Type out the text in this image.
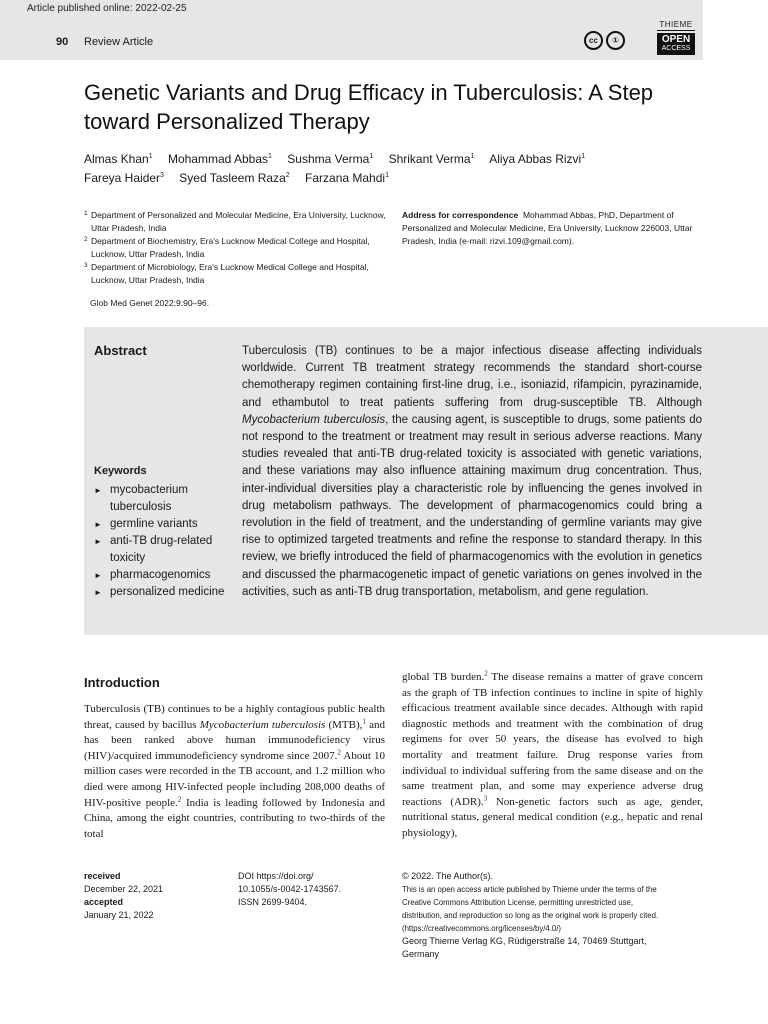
Article published online: 2022-02-25
90 Review Article	cc	①
THIEME
OPEN
ACCESS
Genetic Variants and Drug Efficacy in Tuberculosis: A Step toward Personalized Therapy
Almas Khan$^1$ Mohammad Abbas$^1$ Sushma Verma$^1$ Shrikant Verma$^1$ Aliya Abbas Rizvi$^1$
Fareya Haider$^3$ Syed Tasleem Raza$^2$ Farzana Mahdi$^1$
1 Department of Personalized and Molecular Medicine, Era University, Lucknow, Uttar Pradesh, India
2 Department of Biochemistry, Era's Lucknow Medical College and Hospital, Lucknow, Uttar Pradesh, India
3 Department of Microbiology, Era's Lucknow Medical College and Hospital, Lucknow, Uttar Pradesh, India
Address for correspondence Mohammad Abbas, PhD, Department of Personalized and Molecular Medicine, Era University, Lucknow 226003, Uttar Pradesh, India (e-mail: rizvi.109@gmail.com).
Glob Med Genet 2022;9:90–96.
Abstract
Keywords
► mycobacterium tuberculosis
► germline variants
► anti-TB drug-related toxicity
► pharmacogenomics
► personalized medicine

Tuberculosis (TB) continues to be a major infectious disease affecting individuals worldwide. Current TB treatment strategy recommends the standard short-course chemotherapy regimen containing first-line drug, i.e., isoniazid, rifampicin, pyrazinamide, and ethambutol to treat patients suffering from drug-susceptible TB. Although Mycobacterium tuberculosis, the causing agent, is susceptible to drugs, some patients do not respond to the treatment or treatment may result in serious adverse reactions. Many studies revealed that anti-TB drug-related toxicity is associated with genetic variations, and these variations may also influence attaining maximum drug concentration. Thus, inter-individual diversities play a characteristic role by influencing the genes involved in drug metabolism pathways. The development of pharmacogenomics could bring a revolution in the field of treatment, and the understanding of germline variants may give rise to optimized targeted treatments and refine the response to standard therapy. In this review, we briefly introduced the field of pharmacogenomics with the evolution in genetics and discussed the pharmacogenetic impact of genetic variations on genes involved in the activities, such as anti-TB drug transportation, metabolism, and gene regulation.

Introduction

Tuberculosis (TB) continues to be a highly contagious public health threat, caused by bacillus Mycobacterium tuberculosis (MTB),$^1$ and has been ranked above human immunodeficiency virus (HIV)/acquired immunodeficiency syndrome since 2007.$^2$ About 10 million cases were recorded in the TB account, and 1.2 million who died were among HIV-infected people including 208,000 deaths of HIV-positive people.$^2$ India is leading followed by Indonesia and China, among the eight countries, contributing to two-thirds of the total

global TB burden.$^2$ The disease remains a matter of grave concern as the graph of TB infection continues to incline in spite of highly efficacious treatment available since decades. Although with rapid diagnostic methods and treatment with the combination of drug regimens for over 50 years, the disease has evolved to high mortality and treatment failure. Drug response varies from individual to individual suffering from the same disease and on the same treatment plan, and some may experience adverse drug reactions (ADR).$^3$ Non-genetic factors such as age, gender, nutritional status, general medical condition (e.g., hepatic and renal physiology),

received
December 22, 2021
accepted
January 21, 2022
DOI https://doi.org/
10.1055/s-0042-1743567.
ISSN 2699-9404.
© 2022. The Author(s).
This is an open access article published by Thieme under the terms of the
Creative Commons Attribution License, permitting unrestricted use,
distribution, and reproduction so long as the original work is properly cited.
(https://creativecommons.org/licenses/by/4.0/)
Georg Thieme Verlag KG, Rüdigerstraße 14, 70469 Stuttgart,
Germany
